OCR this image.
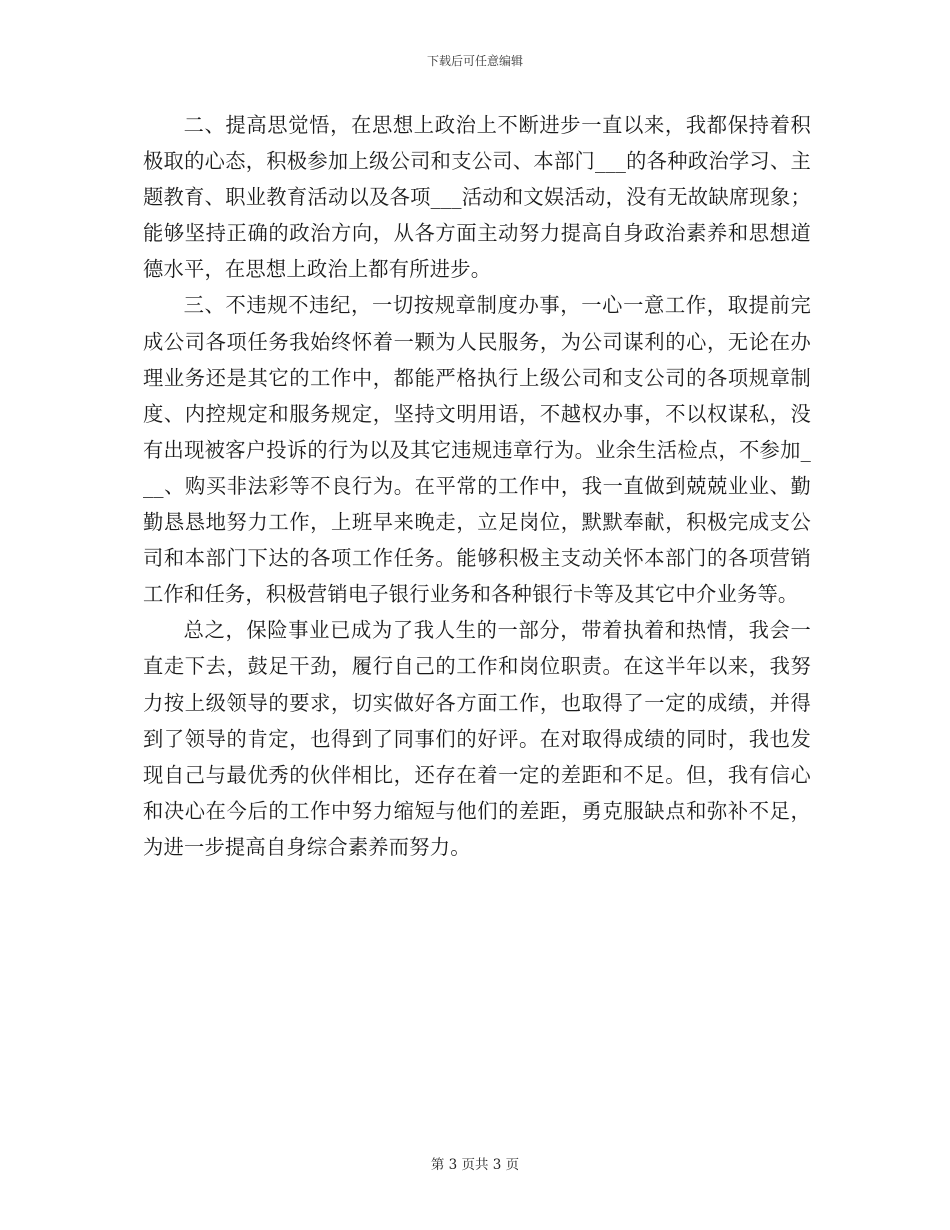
下载后可任意编辑

二、提高思觉悟，在思想上政治上不断进步一直以来，我都保持着积极取的心态，积极参加上级公司和支公司、本部门___的各种政治学习、主题教育、职业教育活动以及各项___活动和文娱活动，没有无故缺席现象；能够坚持正确的政治方向，从各方面主动努力提高自身政治素养和思想道德水平，在思想上政治上都有所进步。

三、不违规不违纪，一切按规章制度办事，一心一意工作，取提前完成公司各项任务我始终怀着一颗为人民服务，为公司谋利的心，无论在办理业务还是其它的工作中，都能严格执行上级公司和支公司的各项规章制度、内控规定和服务规定，坚持文明用语，不越权办事，不以权谋私，没有出现被客户投诉的行为以及其它违规违章行为。业余生活检点，不参加___、购买非法彩等不良行为。在平常的工作中，我一直做到兢兢业业、勤勤恳恳地努力工作，上班早来晚走，立足岗位，默默奉献，积极完成支公司和本部门下达的各项工作任务。能够积极主支动关怀本部门的各项营销工作和任务，积极营销电子银行业务和各种银行卡等及其它中介业务等。

总之，保险事业已成为了我人生的一部分，带着执着和热情，我会一直走下去，鼓足干劲，履行自己的工作和岗位职责。在这半年以来，我努力按上级领导的要求，切实做好各方面工作，也取得了一定的成绩，并得到了领导的肯定，也得到了同事们的好评。在对取得成绩的同时，我也发现自己与最优秀的伙伴相比，还存在着一定的差距和不足。但，我有信心和决心在今后的工作中努力缩短与他们的差距，勇克服缺点和弥补不足，为进一步提高自身综合素养而努力。

第 3 页共 3 页
